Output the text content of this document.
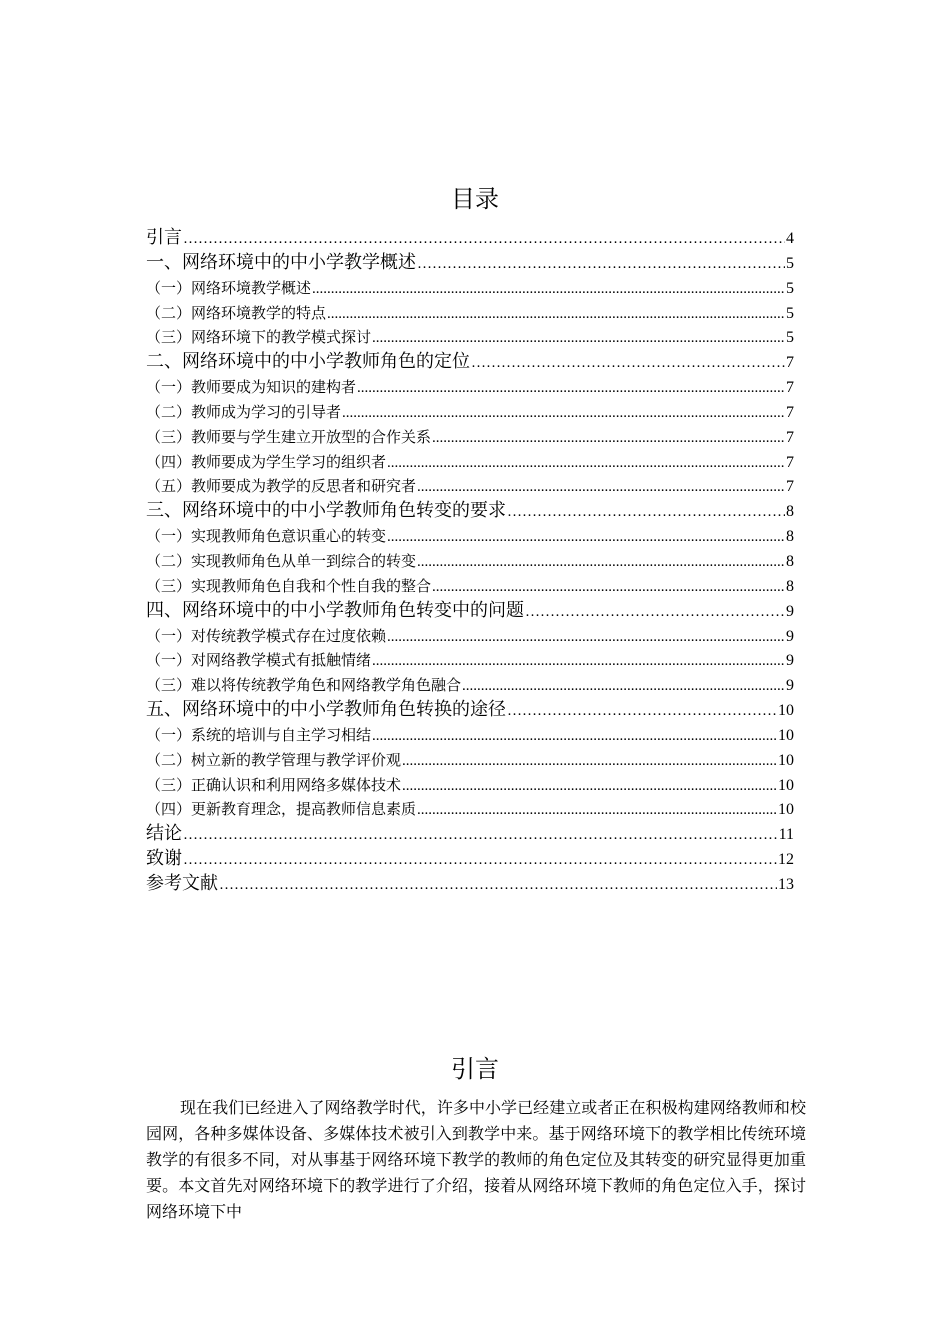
目录
引言 ………………………………………………………………………………………………………………………………………………	4
一、网络环境中的中小学教学概述 ………………………………………………………………………………………………………………………………………………	5
（一）网络环境教学概述 .....	5
（二）网络环境教学的特点 .....	5
（三）网络环境下的教学模式探讨 .....	5
二、网络环境中的中小学教师角色的定位 ………………………………………………………………………………………………………………………………………………	7
（一）教师要成为知识的建构者 .....	7
（二）教师成为学习的引导者 .....	7
（三）教师要与学生建立开放型的合作关系 .....	7
（四）教师要成为学生学习的组织者 .....	7
（五）教师要成为教学的反思者和研究者 .....	7
三、网络环境中的中小学教师角色转变的要求 ………………………………………………………………………………………………………………………………………………	8
（一）实现教师角色意识重心的转变 .....	8
（二）实现教师角色从单一到综合的转变 .....	8
（三）实现教师角色自我和个性自我的整合 .....	8
四、网络环境中的中小学教师角色转变中的问题 ………………………………………………………………………………………………………………………………………………	9
（一）对传统教学模式存在过度依赖 .....	9
（一）对网络教学模式有抵触情绪 .....	9
（三）难以将传统教学角色和网络教学角色融合 .....	9
五、网络环境中的中小学教师角色转换的途径 ………………………………………………………………………………………………………………………………………………	10
（一）系统的培训与自主学习相结 .....	10
（二）树立新的教学管理与教学评价观 .....	10
（三）正确认识和利用网络多媒体技术 .....	10
（四）更新教育理念，提高教师信息素质 .....	10
结论 ………………………………………………………………………………………………………………………………………………	11
致谢 ………………………………………………………………………………………………………………………………………………	12
参考文献 ………………………………………………………………………………………………………………………………………………	13
引言
现在我们已经进入了网络教学时代，许多中小学已经建立或者正在积极构建网络教师和校园网，各种多媒体设备、多媒体技术被引入到教学中来。基于网络环境下的教学相比传统环境教学的有很多不同，对从事基于网络环境下教学的教师的角色定位及其转变的研究显得更加重要。本文首先对网络环境下的教学进行了介绍，接着从网络环境下教师的角色定位入手，探讨网络环境下中
